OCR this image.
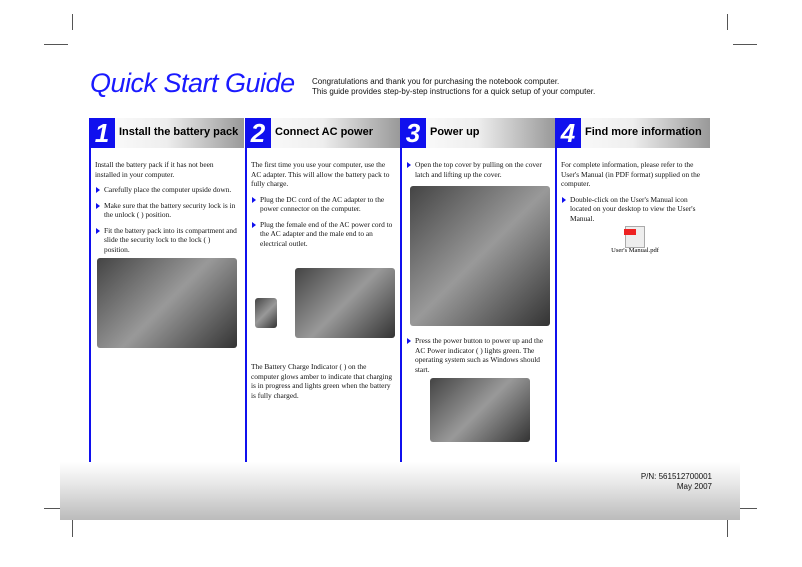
Quick Start Guide Congratulations and thank you for purchasing the notebook computer.
This guide provides step-by-step instructions for a quick setup of your computer.
1 Install the battery pack

Install the battery pack if it has not been installed in your computer.

Carefully place the computer upside down.
Make sure that the battery security lock is in the unlock ( ) position.
Fit the battery pack into its compartment and slide the security lock to the lock ( ) position.
2 Connect AC power

The first time you use your computer, use the AC adapter. This will allow the battery pack to fully charge.

Plug the DC cord of the AC adapter to the power connector on the computer.
Plug the female end of the AC power cord to the AC adapter and the male end to an electrical outlet.

The Battery Charge Indicator ( ) on the computer glows amber to indicate that charging is in progress and lights green when the battery is fully charged.

3 Power up
Open the top cover by pulling on the cover latch and lifting up the cover.
Press the power button to power up and the AC Power indicator ( ) lights green. The operating system such as Windows should start.
4 Find more information

For complete information, please refer to the User's Manual (in PDF format) supplied on the computer.

Double-click on the User's Manual icon located on your desktop to view the User's Manual.
User's Manual.pdf
P/N: 561512700001
May 2007
